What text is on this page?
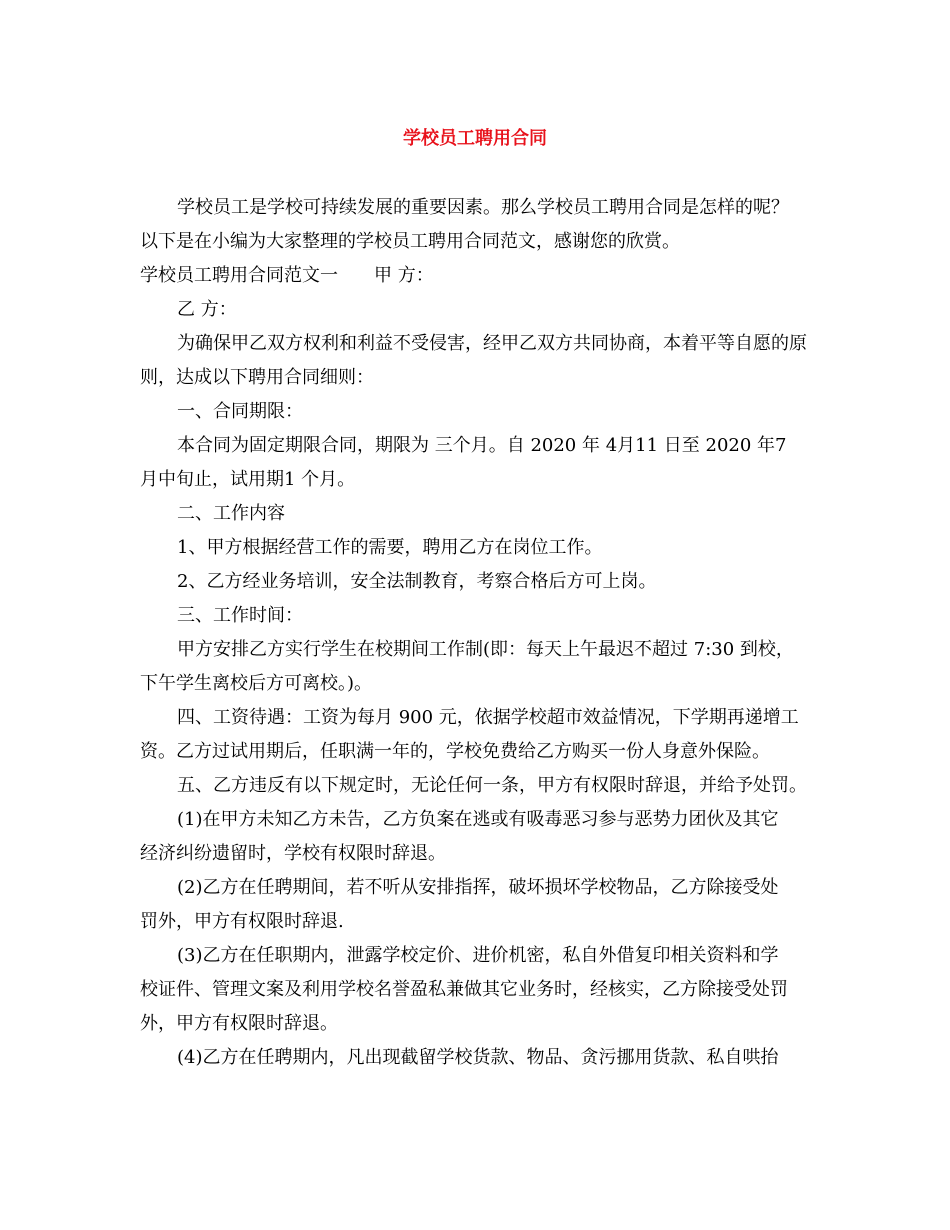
学校员工聘用合同
学校员工是学校可持续发展的重要因素。那么学校员工聘用合同是怎样的呢？
以下是在小编为大家整理的学校员工聘用合同范文，感谢您的欣赏。
学校员工聘用合同范文一　　甲 方：
乙 方：
为确保甲乙双方权利和利益不受侵害，经甲乙双方共同协商，本着平等自愿的原
则，达成以下聘用合同细则：
一、合同期限：
本合同为固定期限合同，期限为 三个月。自 2020 年 4月11 日至 2020 年7
月中旬止，试用期1 个月。
二、工作内容
1、甲方根据经营工作的需要，聘用乙方在岗位工作。
2、乙方经业务培训，安全法制教育，考察合格后方可上岗。
三、工作时间：
甲方安排乙方实行学生在校期间工作制(即：每天上午最迟不超过 7:30 到校，
下午学生离校后方可离校。)。
四、工资待遇：工资为每月 900 元，依据学校超市效益情况，下学期再递增工
资。乙方过试用期后，任职满一年的，学校免费给乙方购买一份人身意外保险。
五、乙方违反有以下规定时，无论任何一条，甲方有权限时辞退，并给予处罚。
(1)在甲方未知乙方未告，乙方负案在逃或有吸毒恶习参与恶势力团伙及其它
经济纠纷遗留时，学校有权限时辞退。
(2)乙方在任聘期间，若不听从安排指挥，破坏损坏学校物品，乙方除接受处
罚外，甲方有权限时辞退.
(3)乙方在任职期内，泄露学校定价、进价机密，私自外借复印相关资料和学
校证件、管理文案及利用学校名誉盈私兼做其它业务时，经核实，乙方除接受处罚
外，甲方有权限时辞退。
(4)乙方在任聘期内，凡出现截留学校货款、物品、贪污挪用货款、私自哄抬
